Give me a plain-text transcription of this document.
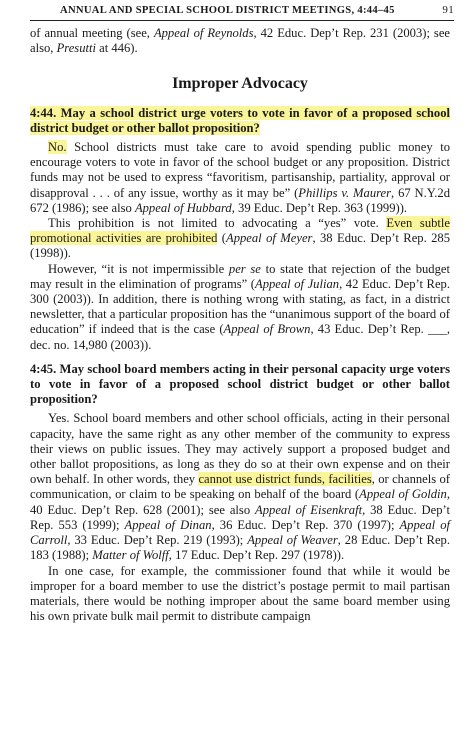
ANNUAL AND SPECIAL SCHOOL DISTRICT MEETINGS, 4:44–45	91

of annual meeting (see, Appeal of Reynolds, 42 Educ. Dep’t Rep. 231 (2003); see also, Presutti at 446).

Improper Advocacy

4:44. May a school district urge voters to vote in favor of a proposed school district budget or other ballot proposition?

No. School districts must take care to avoid spending public money to encourage voters to vote in favor of the school budget or any proposition. District funds may not be used to express “favoritism, partisanship, partiality, approval or disapproval . . . of any issue, worthy as it may be” (Phillips v. Maurer, 67 N.Y.2d 672 (1986); see also Appeal of Hubbard, 39 Educ. Dep’t Rep. 363 (1999)).

This prohibition is not limited to advocating a “yes” vote. Even subtle promotional activities are prohibited (Appeal of Meyer, 38 Educ. Dep’t Rep. 285 (1998)).

However, “it is not impermissible per se to state that rejection of the budget may result in the elimination of programs” (Appeal of Julian, 42 Educ. Dep’t Rep. 300 (2003)). In addition, there is nothing wrong with stating, as fact, in a district newsletter, that a particular proposition has the “unanimous support of the board of education” if indeed that is the case (Appeal of Brown, 43 Educ. Dep’t Rep. ___, dec. no. 14,980 (2003)).

4:45. May school board members acting in their personal capacity urge voters to vote in favor of a proposed school district budget or other ballot proposition?

Yes. School board members and other school officials, acting in their personal capacity, have the same right as any other member of the community to express their views on public issues. They may actively support a proposed budget and other ballot propositions, as long as they do so at their own expense and on their own behalf. In other words, they cannot use district funds, facilities, or channels of communication, or claim to be speaking on behalf of the board (Appeal of Goldin, 40 Educ. Dep’t Rep. 628 (2001); see also Appeal of Eisenkraft, 38 Educ. Dep’t Rep. 553 (1999); Appeal of Dinan, 36 Educ. Dep’t Rep. 370 (1997); Appeal of Carroll, 33 Educ. Dep’t Rep. 219 (1993); Appeal of Weaver, 28 Educ. Dep’t Rep. 183 (1988); Matter of Wolff, 17 Educ. Dep’t Rep. 297 (1978)).

In one case, for example, the commissioner found that while it would be improper for a board member to use the district’s postage permit to mail partisan materials, there would be nothing improper about the same board member using his own private bulk mail permit to distribute campaign
